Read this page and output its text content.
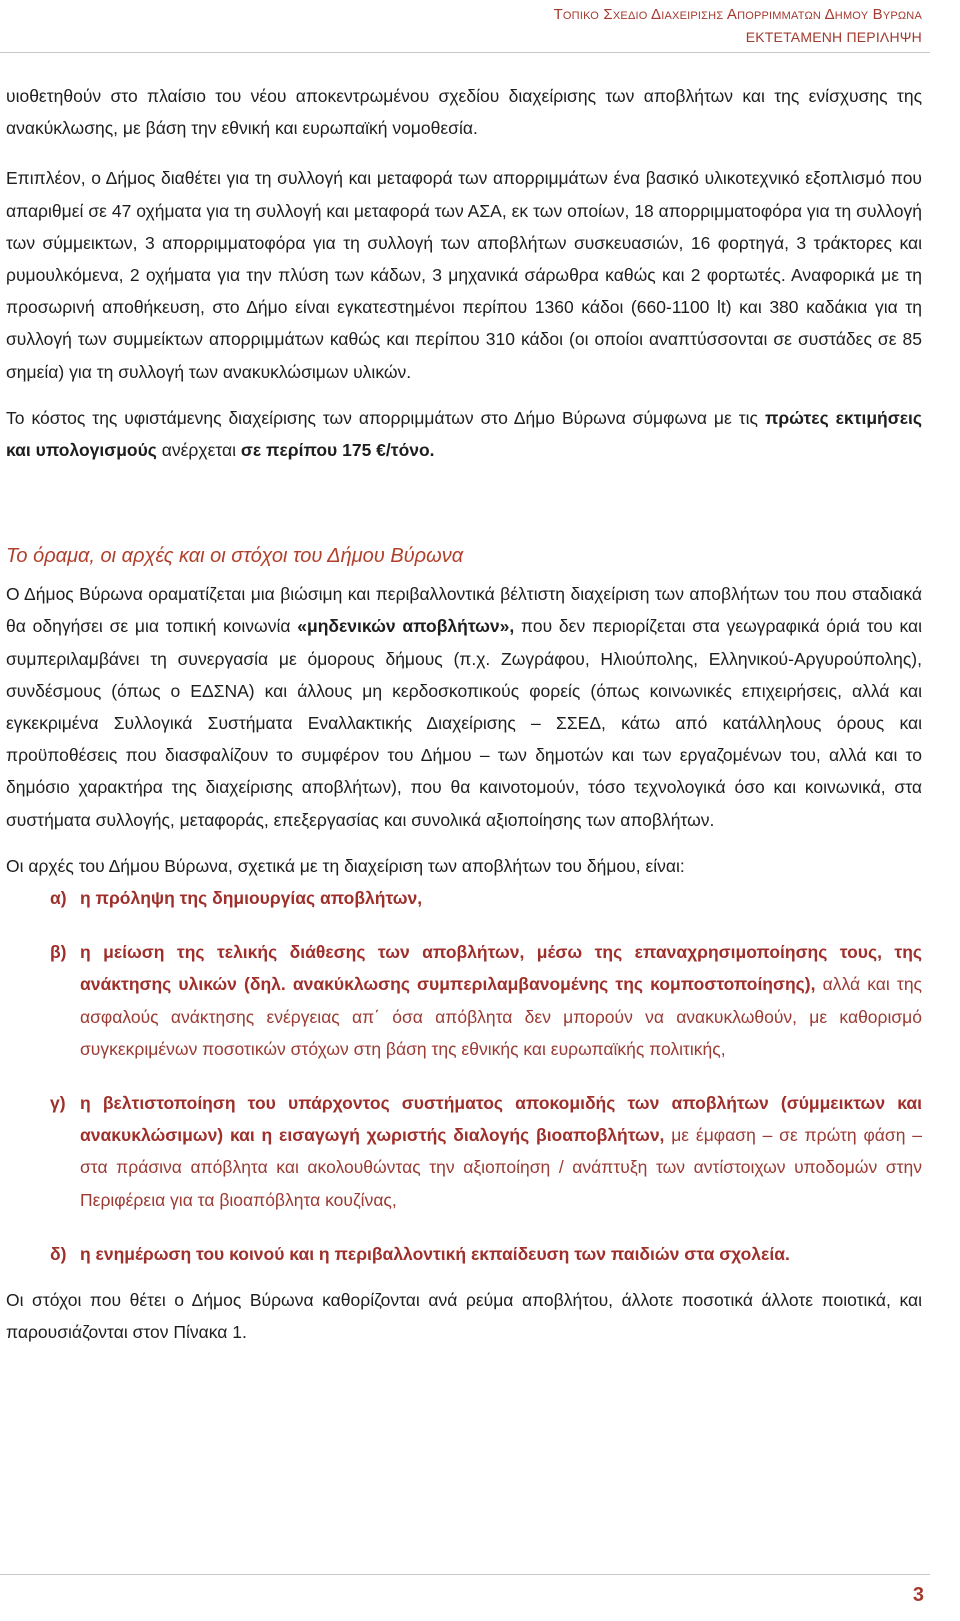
Τοπικο Σχεδιο Διαχειρισης Απορριμματων Δημου Βυρωνα
ΕΚΤΕΤΑΜΕΝΗ ΠΕΡΙΛΗΨΗ

υιοθετηθούν στο πλαίσιο του νέου αποκεντρωμένου σχεδίου διαχείρισης των αποβλήτων και της ενίσχυσης της ανακύκλωσης, με βάση την εθνική και ευρωπαϊκή νομοθεσία.

Επιπλέον, ο Δήμος διαθέτει για τη συλλογή και μεταφορά των απορριμμάτων ένα βασικό υλικοτεχνικό εξοπλισμό που απαριθμεί σε 47 οχήματα για τη συλλογή και μεταφορά των ΑΣΑ, εκ των οποίων, 18 απορριμματοφόρα για τη συλλογή των σύμμεικτων, 3 απορριμματοφόρα για τη συλλογή των αποβλήτων συσκευασιών, 16 φορτηγά, 3 τράκτορες και ρυμουλκόμενα, 2 οχήματα για την πλύση των κάδων, 3 μηχανικά σάρωθρα καθώς και 2 φορτωτές. Αναφορικά με τη προσωρινή αποθήκευση, στο Δήμο είναι εγκατεστημένοι περίπου 1360 κάδοι (660-1100 lt) και 380 καδάκια για τη συλλογή των συμμείκτων απορριμμάτων καθώς και περίπου 310 κάδοι (οι οποίοι αναπτύσσονται σε συστάδες σε 85 σημεία) για τη συλλογή των ανακυκλώσιμων υλικών.

Το κόστος της υφιστάμενης διαχείρισης των απορριμμάτων στο Δήμο Βύρωνα σύμφωνα με τις πρώτες εκτιμήσεις και υπολογισμούς ανέρχεται σε περίπου 175 €/τόνο.

Το όραμα, οι αρχές και οι στόχοι του Δήμου Βύρωνα

Ο Δήμος Βύρωνα οραματίζεται μια βιώσιμη και περιβαλλοντικά βέλτιστη διαχείριση των αποβλήτων του που σταδιακά θα οδηγήσει σε μια τοπική κοινωνία «μηδενικών αποβλήτων», που δεν περιορίζεται στα γεωγραφικά όριά του και συμπεριλαμβάνει τη συνεργασία με όμορους δήμους (π.χ. Ζωγράφου, Ηλιούπολης, Ελληνικού-Αργυρούπολης), συνδέσμους (όπως ο ΕΔΣΝΑ) και άλλους μη κερδοσκοπικούς φορείς (όπως κοινωνικές επιχειρήσεις, αλλά και εγκεκριμένα Συλλογικά Συστήματα Εναλλακτικής Διαχείρισης – ΣΣΕΔ, κάτω από κατάλληλους όρους και προϋποθέσεις που διασφαλίζουν το συμφέρον του Δήμου – των δημοτών και των εργαζομένων του, αλλά και το δημόσιο χαρακτήρα της διαχείρισης αποβλήτων), που θα καινοτομούν, τόσο τεχνολογικά όσο και κοινωνικά, στα συστήματα συλλογής, μεταφοράς, επεξεργασίας και συνολικά αξιοποίησης των αποβλήτων.

Οι αρχές του Δήμου Βύρωνα, σχετικά με τη διαχείριση των αποβλήτων του δήμου, είναι:

α) η πρόληψη της δημιουργίας αποβλήτων,
β) η μείωση της τελικής διάθεσης των αποβλήτων, μέσω της επαναχρησιμοποίησης τους, της ανάκτησης υλικών (δηλ. ανακύκλωσης συμπεριλαμβανομένης της κομποστοποίησης), αλλά και της ασφαλούς ανάκτησης ενέργειας απ΄ όσα απόβλητα δεν μπορούν να ανακυκλωθούν, με καθορισμό συγκεκριμένων ποσοτικών στόχων στη βάση της εθνικής και ευρωπαϊκής πολιτικής,
γ) η βελτιστοποίηση του υπάρχοντος συστήματος αποκομιδής των αποβλήτων (σύμμεικτων και ανακυκλώσιμων) και η εισαγωγή χωριστής διαλογής βιοαποβλήτων, με έμφαση – σε πρώτη φάση – στα πράσινα απόβλητα και ακολουθώντας την αξιοποίηση / ανάπτυξη των αντίστοιχων υποδομών στην Περιφέρεια για τα βιοαπόβλητα κουζίνας,
δ) η ενημέρωση του κοινού και η περιβαλλοντική εκπαίδευση των παιδιών στα σχολεία.

Οι στόχοι που θέτει ο Δήμος Βύρωνα καθορίζονται ανά ρεύμα αποβλήτου, άλλοτε ποσοτικά άλλοτε ποιοτικά, και παρουσιάζονται στον Πίνακα 1.

3
